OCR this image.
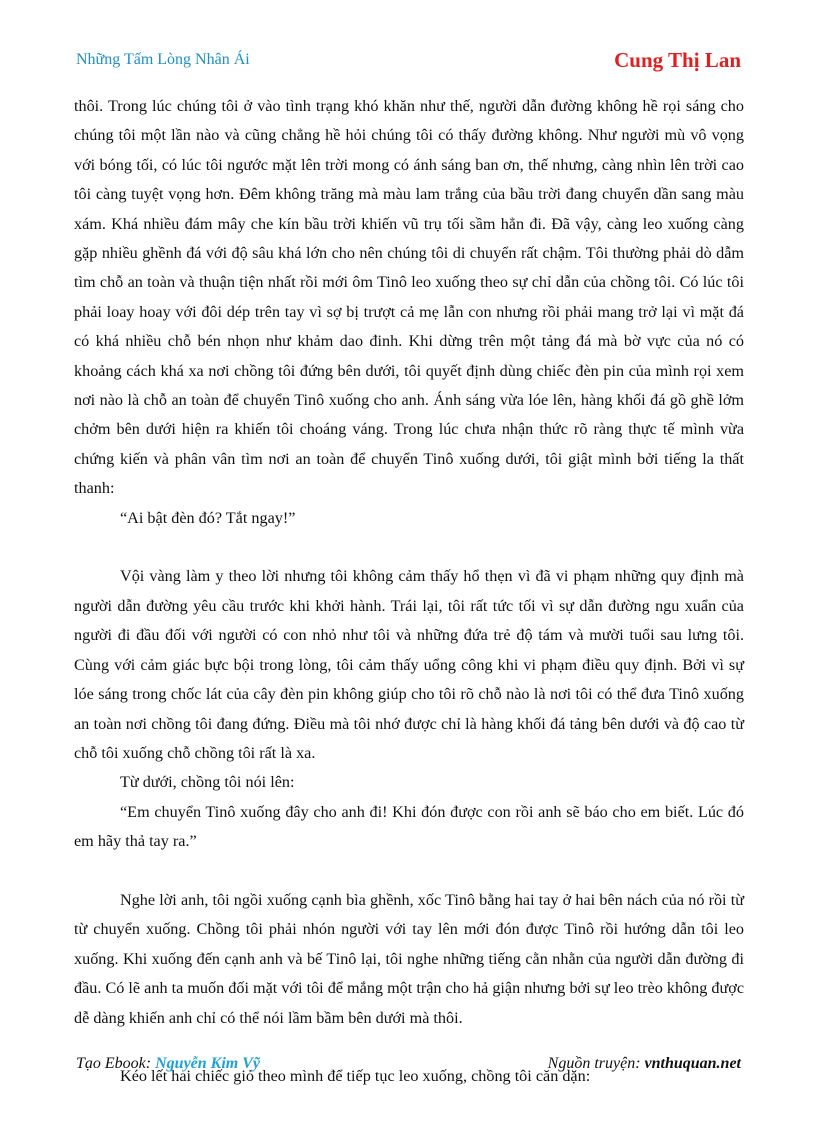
Những Tấm Lòng Nhân Ái	Cung Thị Lan

thôi. Trong lúc chúng tôi ở vào tình trạng khó khăn như thế, người dẫn đường không hề rọi sáng cho chúng tôi một lần nào và cũng chẳng hề hỏi chúng tôi có thấy đường không. Như người mù vô vọng với bóng tối, có lúc tôi ngước mặt lên trời mong có ánh sáng ban ơn, thế nhưng, càng nhìn lên trời cao tôi càng tuyệt vọng hơn. Đêm không trăng mà màu lam trắng của bầu trời đang chuyển dần sang màu xám. Khá nhiều đám mây che kín bầu trời khiến vũ trụ tối sầm hẳn đi. Đã vậy, càng leo xuống càng gặp nhiều ghềnh đá với độ sâu khá lớn cho nên chúng tôi di chuyển rất chậm. Tôi thường phải dò dẫm tìm chỗ an toàn và thuận tiện nhất rồi mới ôm Tinô leo xuống theo sự chỉ dẫn của chồng tôi. Có lúc tôi phải loay hoay với đôi dép trên tay vì sợ bị trượt cả mẹ lẫn con nhưng rồi phải mang trở lại vì mặt đá có khá nhiều chỗ bén nhọn như khảm dao đinh. Khi dừng trên một tảng đá mà bờ vực của nó có khoảng cách khá xa nơi chồng tôi đứng bên dưới, tôi quyết định dùng chiếc đèn pin của mình rọi xem nơi nào là chỗ an toàn để chuyển Tinô xuống cho anh. Ánh sáng vừa lóe lên, hàng khối đá gồ ghề lởm chởm bên dưới hiện ra khiến tôi choáng váng. Trong lúc chưa nhận thức rõ ràng thực tế mình vừa chứng kiến và phân vân tìm nơi an toàn để chuyển Tinô xuống dưới, tôi giật mình bởi tiếng la thất thanh:

“Ai bật đèn đó? Tắt ngay!”

Vội vàng làm y theo lời nhưng tôi không cảm thấy hổ thẹn vì đã vi phạm những quy định mà người dẫn đường yêu cầu trước khi khởi hành. Trái lại, tôi rất tức tối vì sự dẫn đường ngu xuẩn của người đi đầu đối với người có con nhỏ như tôi và những đứa trẻ độ tám và mười tuổi sau lưng tôi. Cùng với cảm giác bực bội trong lòng, tôi cảm thấy uổng công khi vi phạm điều quy định. Bởi vì sự lóe sáng trong chốc lát của cây đèn pin không giúp cho tôi rõ chỗ nào là nơi tôi có thể đưa Tinô xuống an toàn nơi chồng tôi đang đứng. Điều mà tôi nhớ được chỉ là hàng khối đá tảng bên dưới và độ cao từ chỗ tôi xuống chỗ chồng tôi rất là xa.

Từ dưới, chồng tôi nói lên:

“Em chuyển Tinô xuống đây cho anh đi! Khi đón được con rồi anh sẽ báo cho em biết. Lúc đó em hãy thả tay ra.”

Nghe lời anh, tôi ngồi xuống cạnh bìa ghềnh, xốc Tinô bằng hai tay ở hai bên nách của nó rồi từ từ chuyển xuống. Chồng tôi phải nhón người với tay lên mới đón được Tinô rồi hướng dẫn tôi leo xuống. Khi xuống đến cạnh anh và bế Tinô lại, tôi nghe những tiếng cằn nhằn của người dẫn đường đi đầu. Có lẽ anh ta muốn đối mặt với tôi để mắng một trận cho hả giận nhưng bởi sự leo trèo không được dễ dàng khiến anh chỉ có thể nói lầm bầm bên dưới mà thôi.

Kéo lết hai chiếc giỏ theo mình để tiếp tục leo xuống, chồng tôi căn dặn:

Tạo Ebook: Nguyễn Kim Vỹ	Nguồn truyện: vnthuquan.net
